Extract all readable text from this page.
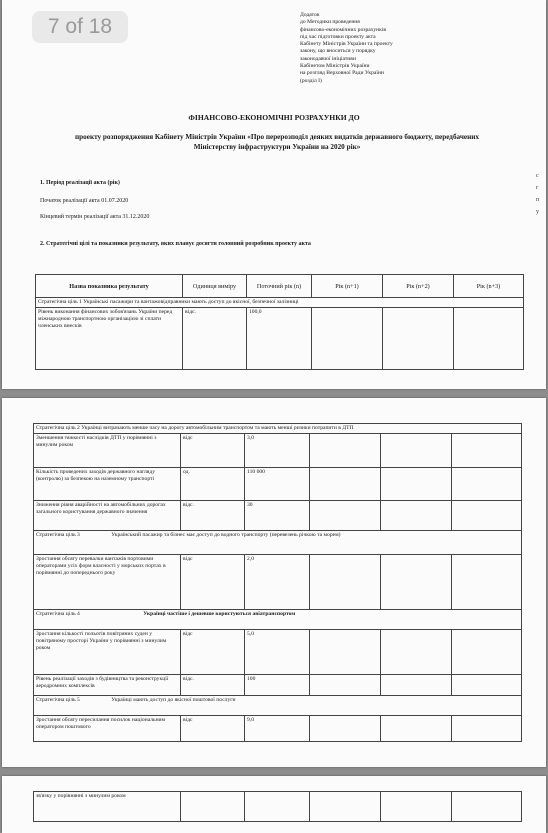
7 of 18	Додаток
до Методики проведення
фінансово-економічних розрахунків
під час підготовки проекту акта
Кабінету Міністрів України та проекту
закону, що вноситься у порядку
законодавчої ініціативи
Кабінетом Міністрів України
на розгляд Верховної Ради України
(розділ I)
ФІНАНСОВО-ЕКОНОМІЧНІ РОЗРАХУНКИ ДО
проекту розпорядження Кабінету Міністрів України «Про перерозподіл деяких видатків державного бюджету, передбачених Міністерству інфраструктури України на 2020 рік»
1. Період реалізації акта (рік)
Початок реалізації акта 01.07.2020
Кінцевий термін реалізації акта 31.12.2020
2. Стратегічні цілі та показники результату, яких планує досягти головний розробник проекту акта
с
г
п
у
Назва показника результату	Одиниця виміру	Поточний рік (n)	Рік (n+1)	Рік (n+2)	Рік (n+3)
Стратегічна ціль 1 Українські пасажири та вантажовідправники мають доступ до якісної, безпечної залізниці					
Рівень виконання фінансових зобов'язань України перед міжнародною транспортною організацією зі сплати членських внесків	відс.	100,0			
Стратегічна ціль 2 Українці витрачають менше часу на дорогу автомобільним транспортом та мають менші ризики потрапити в ДТП					
Зменшення тяжкості наслідків ДТП у порівнянні з минулим роком	відс	3,0			
Кількість проведених заходів державного нагляду (контролю) за безпекою на наземному транспорті	од.	110 000			
Зниження рівня аварійності на автомобільних дорогах загального користування державного значення	відс.	30			
Стратегічна ціль 3 Український пасажир та бізнес має доступ до водного транспорту (перевезень річкою та морем)					
Зростання обсягу перевалки вантажів портовими операторами усіх форм власності у морських портах в порівнянні до попереднього року	відс	2,0			
Стратегічна ціль 4 Українці частіше і дешевше користуються авіатранспортом					
Зростання кількості польотів повітряних суден у повітряному просторі України у порівнянні з минулим роком	відс	5,0			
Рівень реалізації заходів з будівництва та реконструкції аеродромних комплексів	відс.	100			
Стратегічна ціль 5 Українці мають доступ до якісної поштової послуги					
Зростання обсягу пересилання посилок національним оператором поштового	відс	9,0			
зв'язку у порівнянні з минулим роком					
